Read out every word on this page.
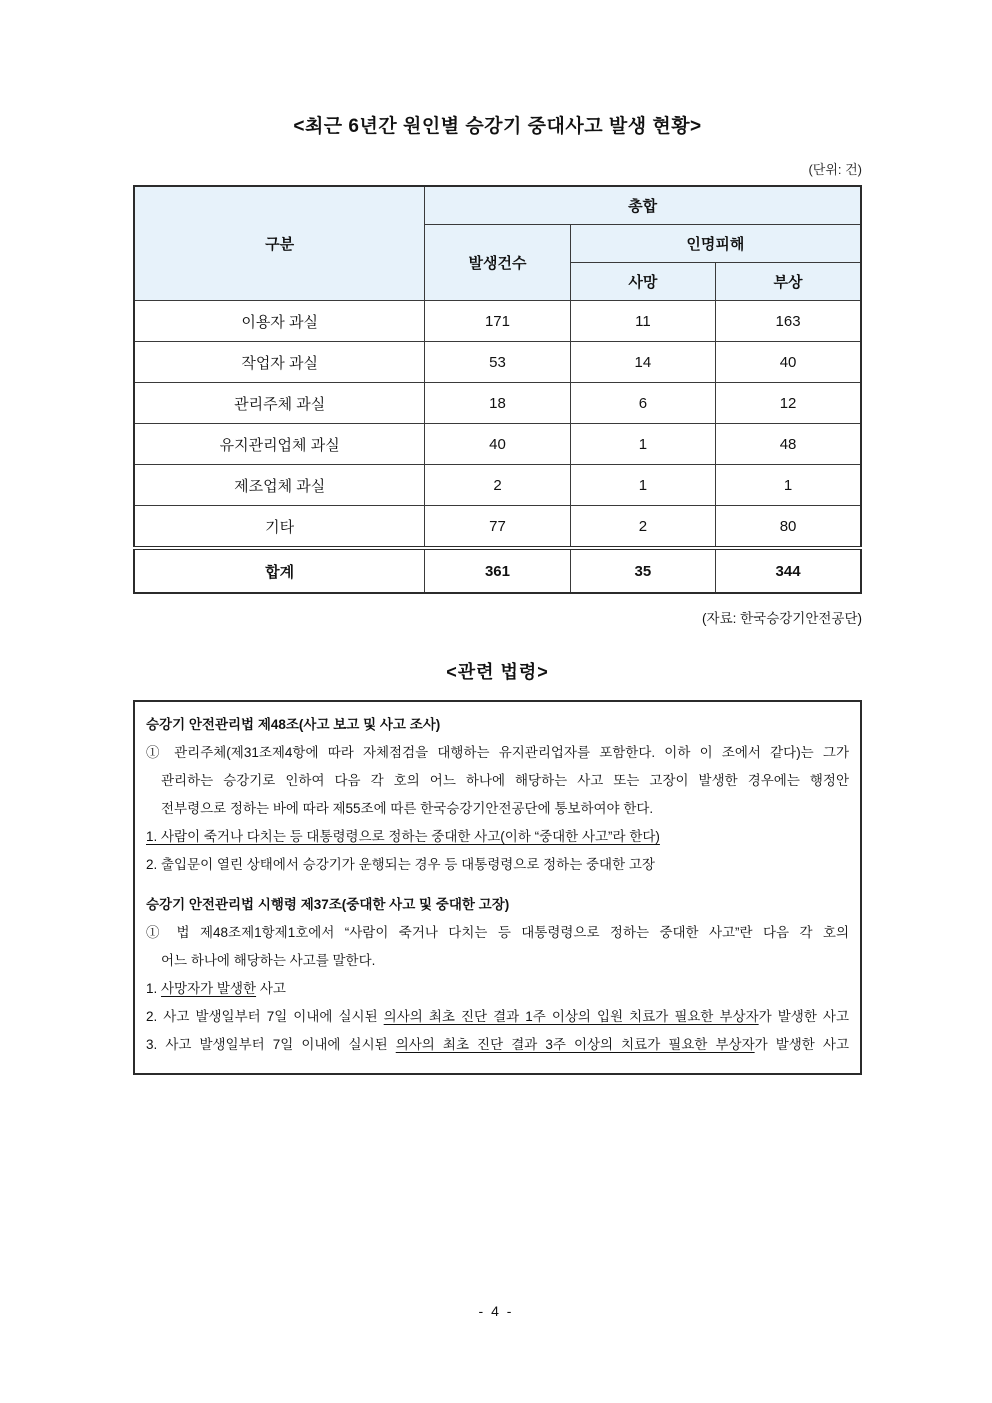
<최근 6년간 원인별 승강기 중대사고 발생 현황>
(단위: 건)
구분	총합		
	발생건수	인명피해	
		사망	부상
이용자 과실	171	11	163
작업자 과실	53	14	40
관리주체 과실	18	6	12
유지관리업체 과실	40	1	48
제조업체 과실	2	1	1
기타	77	2	80
합계	361	35	344
(자료: 한국승강기안전공단)
<관련 법령>
승강기 안전관리법 제48조(사고 보고 및 사고 조사)
① 관리주체(제31조제4항에 따라 자체점검을 대행하는 유지관리업자를 포함한다. 이하 이 조에서 같다)는 그가
관리하는 승강기로 인하여 다음 각 호의 어느 하나에 해당하는 사고 또는 고장이 발생한 경우에는 행정안
전부령으로 정하는 바에 따라 제55조에 따른 한국승강기안전공단에 통보하여야 한다.
1. 사람이 죽거나 다치는 등 대통령령으로 정하는 중대한 사고(이하 “중대한 사고”라 한다)
2. 출입문이 열린 상태에서 승강기가 운행되는 경우 등 대통령령으로 정하는 중대한 고장
승강기 안전관리법 시행령 제37조(중대한 사고 및 중대한 고장)
① 법 제48조제1항제1호에서 “사람이 죽거나 다치는 등 대통령령으로 정하는 중대한 사고”란 다음 각 호의
어느 하나에 해당하는 사고를 말한다.
1. 사망자가 발생한 사고
2. 사고 발생일부터 7일 이내에 실시된 의사의 최초 진단 결과 1주 이상의 입원 치료가 필요한 부상자가 발생한 사고
3. 사고 발생일부터 7일 이내에 실시된 의사의 최초 진단 결과 3주 이상의 치료가 필요한 부상자가 발생한 사고
- 4 -
